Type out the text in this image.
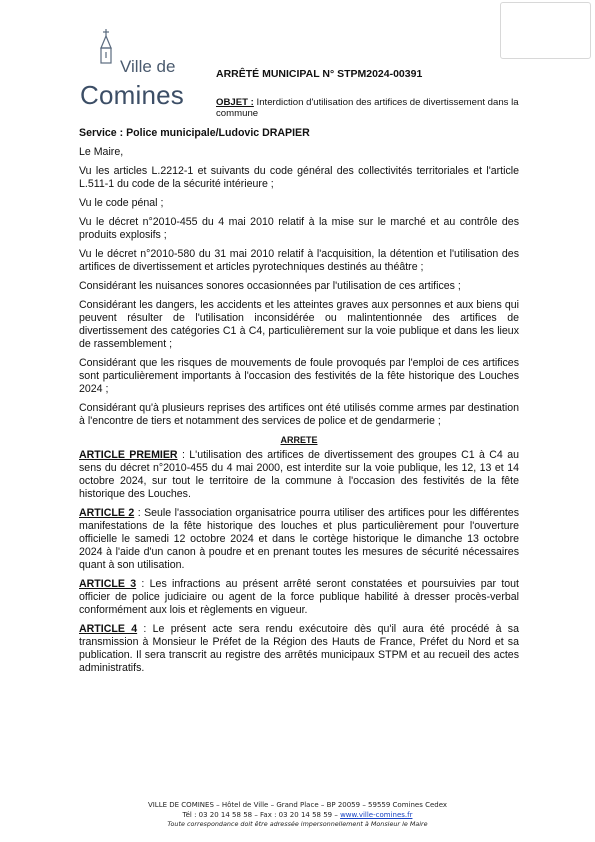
Ville de
Comines
ARRÊTÉ MUNICIPAL N° STPM2024-00391
OBJET : Interdiction d'utilisation des artifices de divertissement dans la commune

Service : Police municipale/Ludovic DRAPIER

Le Maire,

Vu les articles L.2212-1 et suivants du code général des collectivités territoriales et l'article L.511-1 du code de la sécurité intérieure ;

Vu le code pénal ;

Vu le décret n°2010-455 du 4 mai 2010 relatif à la mise sur le marché et au contrôle des produits explosifs ;

Vu le décret n°2010-580 du 31 mai 2010 relatif à l'acquisition, la détention et l'utilisation des artifices de divertissement et articles pyrotechniques destinés au théâtre ;

Considérant les nuisances sonores occasionnées par l'utilisation de ces artifices ;

Considérant les dangers, les accidents et les atteintes graves aux personnes et aux biens qui peuvent résulter de l'utilisation inconsidérée ou malintentionnée des artifices de divertissement des catégories C1 à C4, particulièrement sur la voie publique et dans les lieux de rassemblement ;

Considérant que les risques de mouvements de foule provoqués par l'emploi de ces artifices sont particulièrement importants à l'occasion des festivités de la fête historique des Louches 2024 ;

Considérant qu'à plusieurs reprises des artifices ont été utilisés comme armes par destination à l'encontre de tiers et notamment des services de police et de gendarmerie ;

ARRETE

ARTICLE PREMIER : L'utilisation des artifices de divertissement des groupes C1 à C4 au sens du décret n°2010-455 du 4 mai 2000, est interdite sur la voie publique, les 12, 13 et 14 octobre 2024, sur tout le territoire de la commune à l'occasion des festivités de la fête historique des Louches.

ARTICLE 2 : Seule l'association organisatrice pourra utiliser des artifices pour les différentes manifestations de la fête historique des louches et plus particulièrement pour l'ouverture officielle le samedi 12 octobre 2024 et dans le cortège historique le dimanche 13 octobre 2024 à l'aide d'un canon à poudre et en prenant toutes les mesures de sécurité nécessaires quant à son utilisation.

ARTICLE 3 : Les infractions au présent arrêté seront constatées et poursuivies par tout officier de police judiciaire ou agent de la force publique habilité à dresser procès-verbal conformément aux lois et règlements en vigueur.

ARTICLE 4 : Le présent acte sera rendu exécutoire dès qu'il aura été procédé à sa transmission à Monsieur le Préfet de la Région des Hauts de France, Préfet du Nord et sa publication. Il sera transcrit au registre des arrêtés municipaux STPM et au recueil des actes administratifs.

VILLE DE COMINES – Hôtel de Ville – Grand Place – BP 20059 – 59559 Comines Cedex
Tél : 03 20 14 58 58 – Fax : 03 20 14 58 59 – www.ville-comines.fr
Toute correspondance doit être adressée impersonnellement à Monsieur le Maire
